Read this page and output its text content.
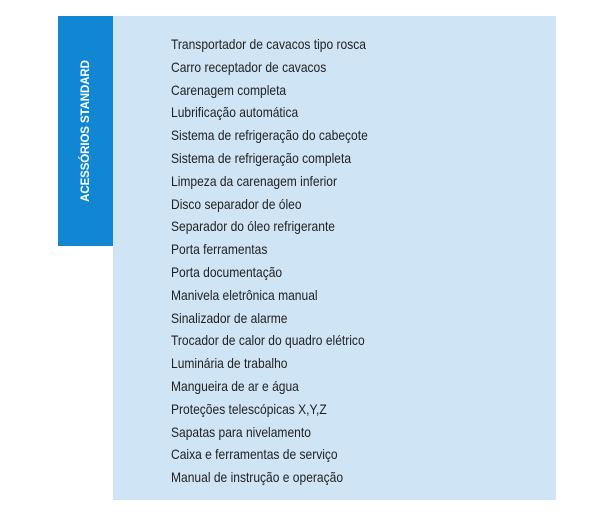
ACESSÓRIOS STANDARD
Transportador de cavacos tipo rosca
Carro receptador de cavacos
Carenagem completa
Lubrificação automática
Sistema de refrigeração do cabeçote
Sistema de refrigeração completa
Limpeza da carenagem inferior
Disco separador de óleo
Separador do óleo refrigerante
Porta ferramentas
Porta documentação
Manivela eletrônica manual
Sinalizador de alarme
Trocador de calor do quadro elétrico
Luminária de trabalho
Mangueira de ar e água
Proteções telescópicas X,Y,Z
Sapatas para nivelamento
Caixa e ferramentas de serviço
Manual de instrução e operação
